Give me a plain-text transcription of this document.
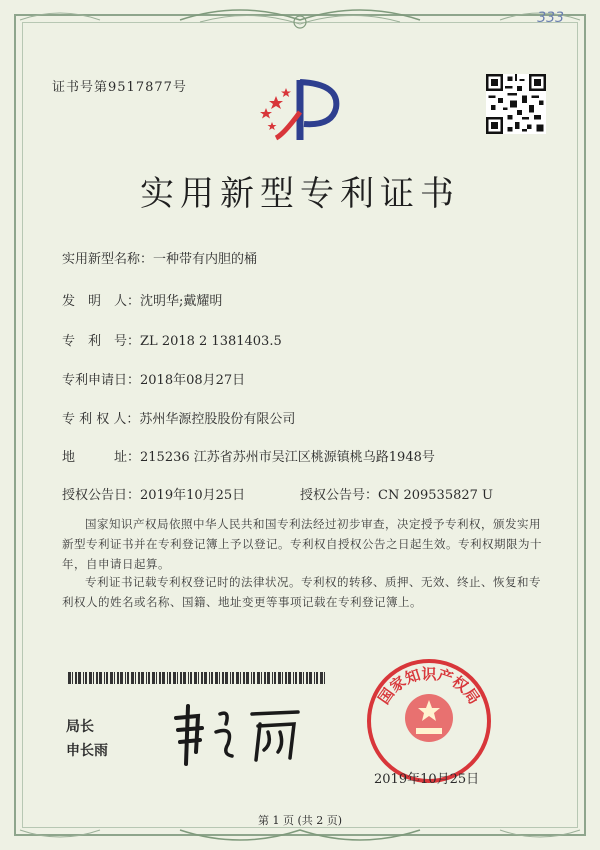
333
证书号第9517877号
实用新型专利证书
实用新型名称：一种带有内胆的桶
发　明　人：沈明华;戴耀明
专　利　号：ZL 2018 2 1381403.5
专利申请日：2018年08月27日
专 利 权 人：苏州华源控股股份有限公司
地　　　址：215236 江苏省苏州市吴江区桃源镇桃乌路1948号
授权公告日：2019年10月25日	授权公告号：CN 209535827 U
国家知识产权局依照中华人民共和国专利法经过初步审查，决定授予专利权，颁发实用新型专利证书并在专利登记簿上予以登记。专利权自授权公告之日起生效。专利权期限为十年，自申请日起算。
专利证书记载专利权登记时的法律状况。专利权的转移、质押、无效、终止、恢复和专利权人的姓名或名称、国籍、地址变更等事项记载在专利登记簿上。
局长
申长雨
国家知识产权局
2019年10月25日
第 1 页 (共 2 页)
